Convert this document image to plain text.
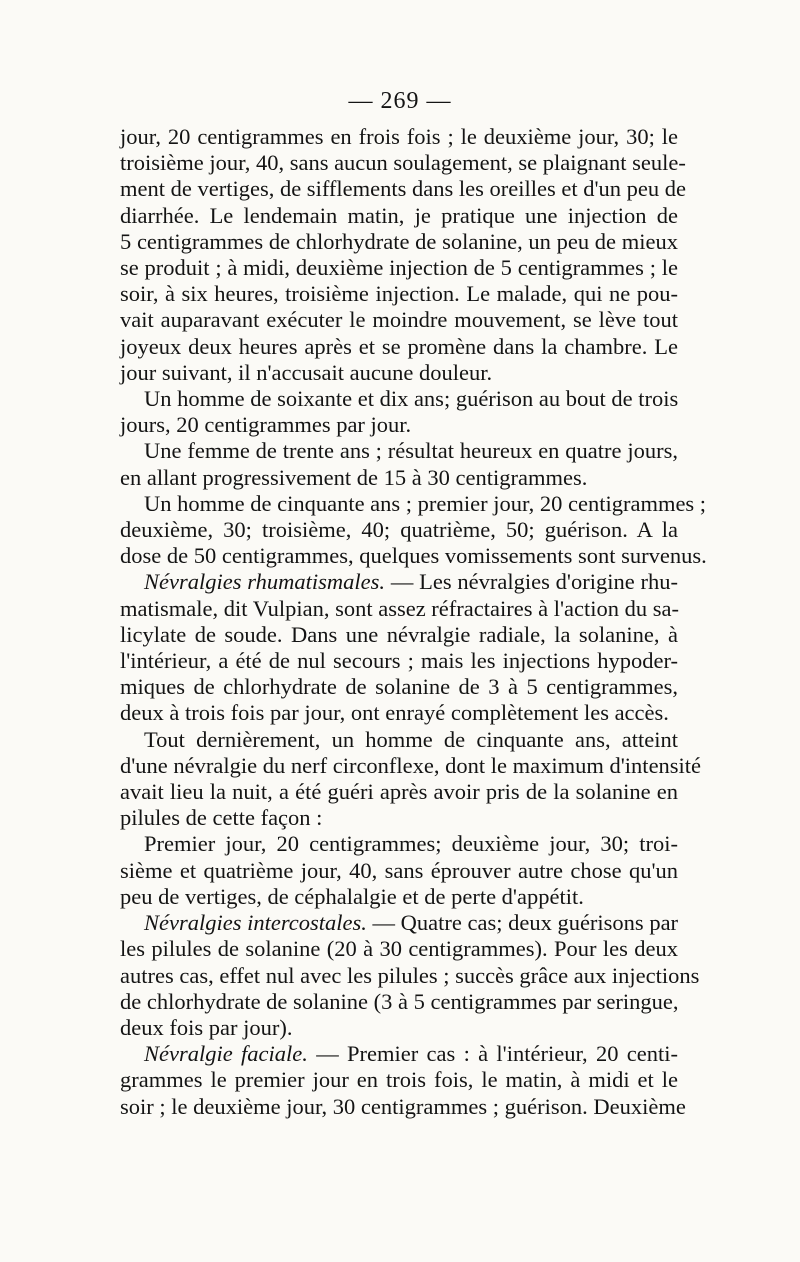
— 269 —
jour, 20 centigrammes en frois fois ; le deuxième jour, 30; le
troisième jour, 40, sans aucun soulagement, se plaignant seule-
ment de vertiges, de sifflements dans les oreilles et d'un peu de
diarrhée. Le lendemain matin, je pratique une injection de
5 centigrammes de chlorhydrate de solanine, un peu de mieux
se produit ; à midi, deuxième injection de 5 centigrammes ; le
soir, à six heures, troisième injection. Le malade, qui ne pou-
vait auparavant exécuter le moindre mouvement, se lève tout
joyeux deux heures après et se promène dans la chambre. Le
jour suivant, il n'accusait aucune douleur.
Un homme de soixante et dix ans; guérison au bout de trois
jours, 20 centigrammes par jour.
Une femme de trente ans ; résultat heureux en quatre jours,
en allant progressivement de 15 à 30 centigrammes.
Un homme de cinquante ans ; premier jour, 20 centigrammes ;
deuxième, 30; troisième, 40; quatrième, 50; guérison. A la
dose de 50 centigrammes, quelques vomissements sont survenus.
Névralgies rhumatismales. — Les névralgies d'origine rhu-
matismale, dit Vulpian, sont assez réfractaires à l'action du sa-
licylate de soude. Dans une névralgie radiale, la solanine, à
l'intérieur, a été de nul secours ; mais les injections hypoder-
miques de chlorhydrate de solanine de 3 à 5 centigrammes,
deux à trois fois par jour, ont enrayé complètement les accès.
Tout dernièrement, un homme de cinquante ans, atteint
d'une névralgie du nerf circonflexe, dont le maximum d'intensité
avait lieu la nuit, a été guéri après avoir pris de la solanine en
pilules de cette façon :
Premier jour, 20 centigrammes; deuxième jour, 30; troi-
sième et quatrième jour, 40, sans éprouver autre chose qu'un
peu de vertiges, de céphalalgie et de perte d'appétit.
Névralgies intercostales. — Quatre cas; deux guérisons par
les pilules de solanine (20 à 30 centigrammes). Pour les deux
autres cas, effet nul avec les pilules ; succès grâce aux injections
de chlorhydrate de solanine (3 à 5 centigrammes par seringue,
deux fois par jour).
Névralgie faciale. — Premier cas : à l'intérieur, 20 centi-
grammes le premier jour en trois fois, le matin, à midi et le
soir ; le deuxième jour, 30 centigrammes ; guérison. Deuxième
